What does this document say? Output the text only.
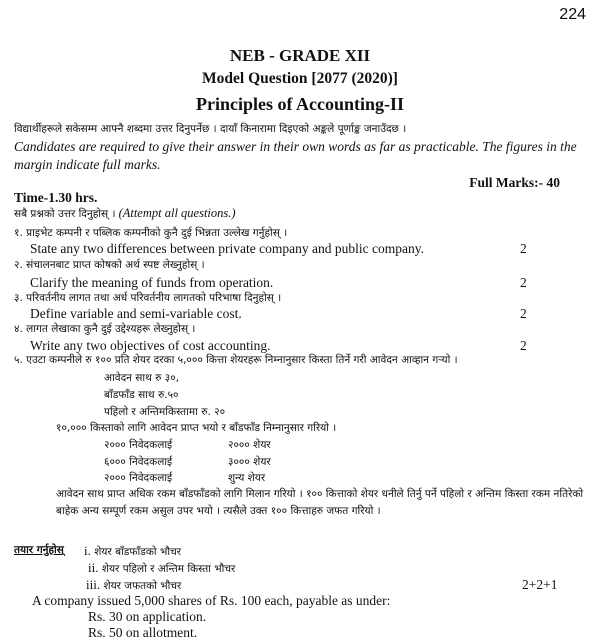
224
NEB - GRADE XII
Model Question [2077 (2020)]
Principles of Accounting-II
विद्यार्थीहरूले सकेसम्म आफ्नै शब्दमा उत्तर दिनुपर्नेछ । दायाँ किनारामा दिइएको अङ्कले पूर्णाङ्क जनाउँदछ ।
Candidates are required to give their answer in their own words as far as practicable. The figures in the margin indicate full marks.
Full Marks:- 40
Time-1.30 hrs.
सबै प्रश्नको उत्तर दिनुहोस् । (Attempt all questions.)
१. प्राइभेट कम्पनी र पब्लिक कम्पनीको कुनै दुई भिन्नता उल्लेख गर्नुहोस् ।
State any two differences between private company and public company.	2
२. संचालनबाट प्राप्त कोषको अर्थ स्पष्ट लेख्नुहोस् ।
Clarify the meaning of funds from operation.	2
३. परिवर्तनीय लागत तथा अर्ध परिवर्तनीय लागतको परिभाषा दिनुहोस् ।
Define variable and semi-variable cost.	2
४. लागत लेखाका कुनै दुई उद्देश्यहरू लेख्नुहोस् ।
Write any two objectives of cost accounting.	2
५. एउटा कम्पनीले रु १०० प्रति शेयर दरका ५,००० कित्ता शेयरहरू निम्नानुसार किस्ता तिर्ने गरी आवेदन आव्हान गऱ्यो ।
आवेदन साथ रु ३०,
बाँडफाँड साथ रु.५०
पहिलो र अन्तिमकिस्तामा रु. २०
१०,००० किस्ताको लागि आवेदन प्राप्त भयो र बाँडफाँड निम्नानुसार गरियो ।
२००० निवेदकलाई	२००० शेयर
६००० निवेदकलाई	३००० शेयर
२००० निवेदकलाई	शुन्य शेयर
आवेदन साथ प्राप्त अधिक रकम बाँडफाँडको लागि मिलान गरियो । १०० कित्ताको शेयर धनीले तिर्नु पर्ने पहिलो र अन्तिम किस्ता रकम नतिरेको बाहेक अन्य सम्पूर्ण रकम असुल उपर भयो । त्यसैले उक्त १०० कित्ताहरु जफत गरियो ।
तयार गर्नुहोस् i. शेयर बाँडफाँडको भौचर
ii. शेयर पहिलो र अन्तिम किस्ता भौचर
iii. शेयर जफतको भौचर	2+2+1
A company issued 5,000 shares of Rs. 100 each, payable as under:
Rs. 30 on application.
Rs. 50 on allotment.
